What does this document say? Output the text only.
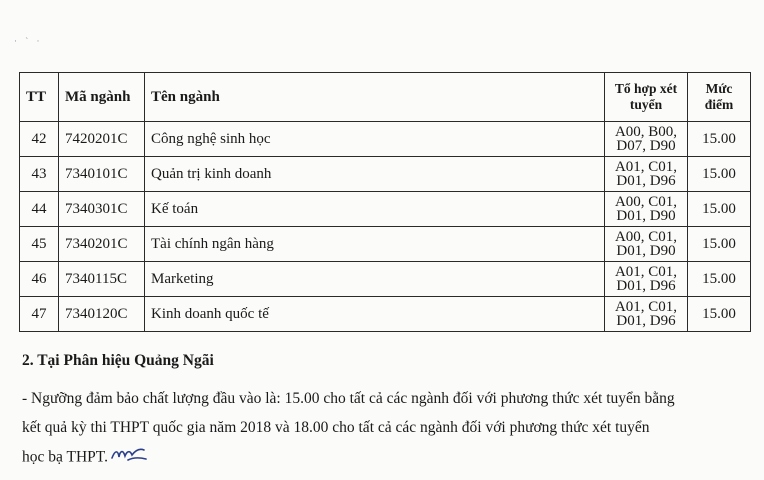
· ` ·
TT	Mã ngành	Tên ngành	Tổ hợp xét
tuyển	Mức
điểm
42	7420201C	Công nghệ sinh học	A00, B00,
D07, D90	15.00
43	7340101C	Quản trị kinh doanh	A01, C01,
D01, D96	15.00
44	7340301C	Kế toán	A00, C01,
D01, D90	15.00
45	7340201C	Tài chính ngân hàng	A00, C01,
D01, D90	15.00
46	7340115C	Marketing	A01, C01,
D01, D96	15.00
47	7340120C	Kinh doanh quốc tế	A01, C01,
D01, D96	15.00

2. Tại Phân hiệu Quảng Ngãi

- Ngưỡng đảm bảo chất lượng đầu vào là: 15.00 cho tất cả các ngành đối với phương thức xét tuyển bằng
kết quả kỳ thi THPT quốc gia năm 2018 và 18.00 cho tất cả các ngành đối với phương thức xét tuyển
học bạ THPT.
